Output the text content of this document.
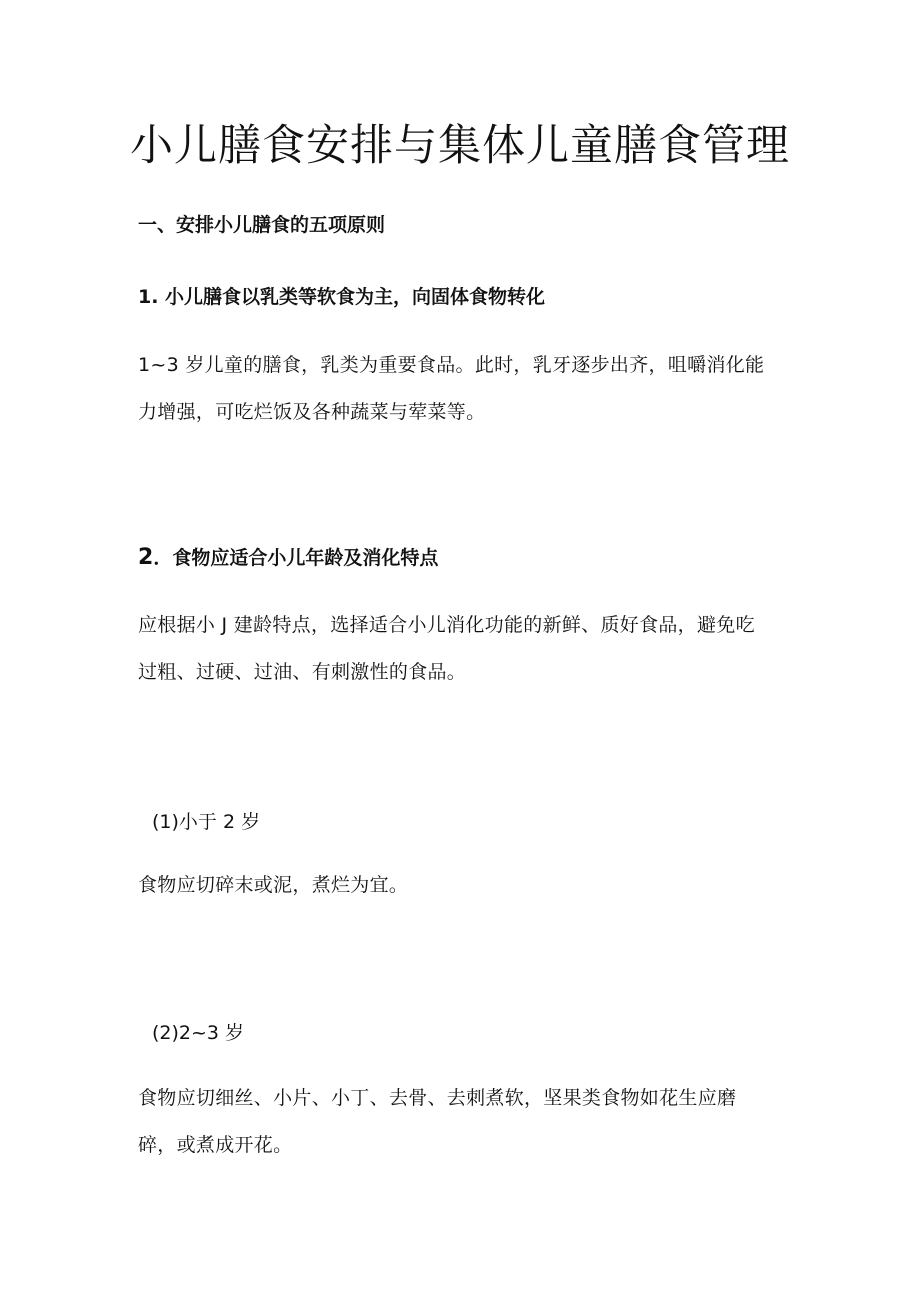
小儿膳食安排与集体儿童膳食管理
一、安排小儿膳食的五项原则
1. 小儿膳食以乳类等软食为主，向固体食物转化

1~3 岁儿童的膳食，乳类为重要食品。此时，乳牙逐步出齐，咀嚼消化能
力增强，可吃烂饭及各种蔬菜与荤菜等。

2．食物应适合小儿年龄及消化特点

应根据小 J 建龄特点，选择适合小儿消化功能的新鲜、质好食品，避免吃
过粗、过硬、过油、有刺激性的食品。

(1)小于 2 岁

食物应切碎末或泥，煮烂为宜。

(2)2~3 岁

食物应切细丝、小片、小丁、去骨、去刺煮软，坚果类食物如花生应磨
碎，或煮成开花。
